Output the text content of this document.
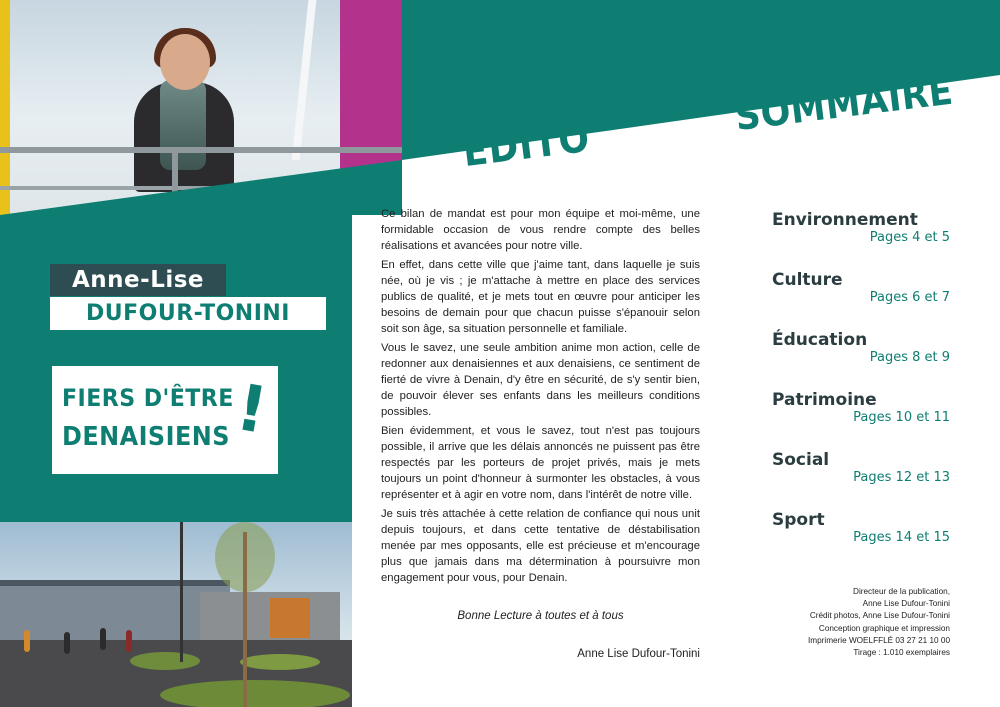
Anne-Lise
DUFOUR-TONINI
FIERS D'ÊTRE
DENAISIENS !
EDITO
SOMMAIRE

Ce bilan de mandat est pour mon équipe et moi-même, une formidable occasion de vous rendre compte des belles réalisations et avancées pour notre ville.

En effet, dans cette ville que j'aime tant, dans laquelle je suis née, où je vis ; je m'attache à mettre en place des services publics de qualité, et je mets tout en œuvre pour anticiper les besoins de demain pour que chacun puisse s'épanouir selon soit son âge, sa situation personnelle et familiale.

Vous le savez, une seule ambition anime mon action, celle de redonner aux denaisiennes et aux denaisiens, ce sentiment de fierté de vivre à Denain, d'y être en sécurité, de s'y sentir bien, de pouvoir élever ses enfants dans les meilleurs conditions possibles.

Bien évidemment, et vous le savez, tout n'est pas toujours possible, il arrive que les délais annoncés ne puissent pas être respectés par les porteurs de projet privés, mais je mets toujours un point d'honneur à surmonter les obstacles, à vous représenter et à agir en votre nom, dans l'intérêt de notre ville.

Je suis très attachée à cette relation de confiance qui nous unit depuis toujours, et dans cette tentative de déstabilisation menée par mes opposants, elle est précieuse et m'encourage plus que jamais dans ma détermination à poursuivre mon engagement pour vous, pour Denain.

Bonne Lecture à toutes et à tous
Anne Lise Dufour-Tonini
Environnement
Pages 4 et 5
Culture
Pages 6 et 7
Éducation
Pages 8 et 9
Patrimoine
Pages 10 et 11
Social
Pages 12 et 13
Sport
Pages 14 et 15
Directeur de la publication,
Anne Lise Dufour-Tonini
Crédit photos, Anne Lise Dufour-Tonini
Conception graphique et impression
Imprimerie WOELFFLÉ 03 27 21 10 00
Tirage : 1.010 exemplaires
